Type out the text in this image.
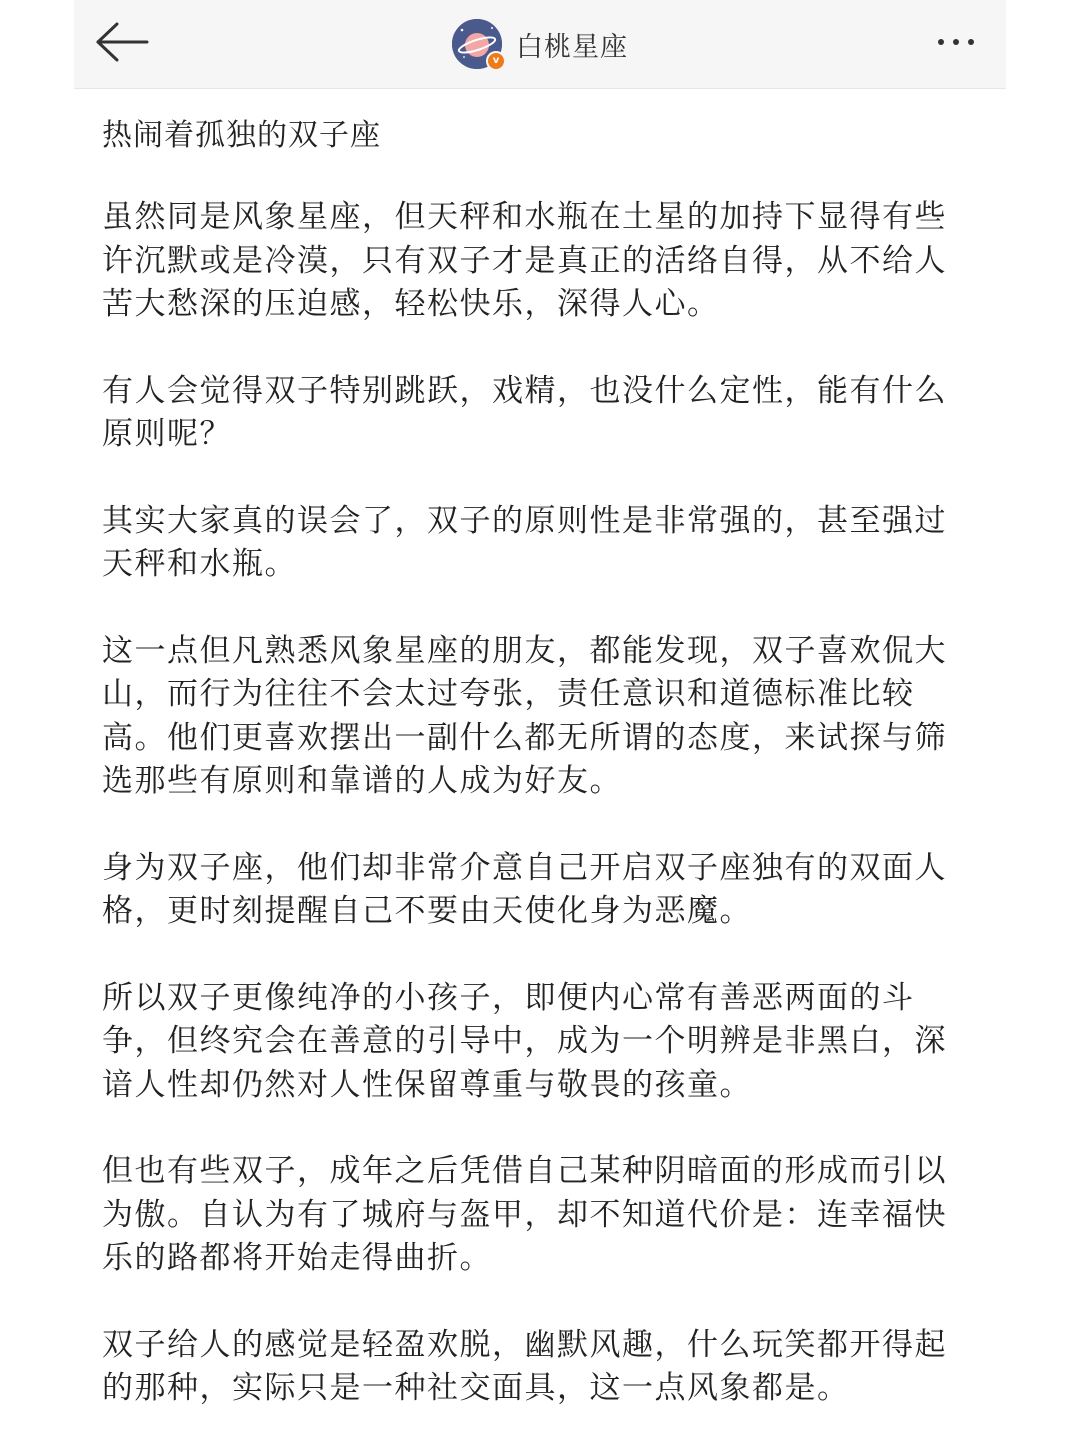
v 白桃星座
热闹着孤独的双子座

虽然同是风象星座，但天秤和水瓶在土星的加持下显得有些许沉默或是冷漠，只有双子才是真正的活络自得，从不给人苦大愁深的压迫感，轻松快乐，深得人心。

有人会觉得双子特别跳跃，戏精，也没什么定性，能有什么原则呢？

其实大家真的误会了，双子的原则性是非常强的，甚至强过天秤和水瓶。

这一点但凡熟悉风象星座的朋友，都能发现，双子喜欢侃大山，而行为往往不会太过夸张，责任意识和道德标准比较高。他们更喜欢摆出一副什么都无所谓的态度，来试探与筛选那些有原则和靠谱的人成为好友。

身为双子座，他们却非常介意自己开启双子座独有的双面人格，更时刻提醒自己不要由天使化身为恶魔。

所以双子更像纯净的小孩子，即便内心常有善恶两面的斗争，但终究会在善意的引导中，成为一个明辨是非黑白，深谙人性却仍然对人性保留尊重与敬畏的孩童。

但也有些双子，成年之后凭借自己某种阴暗面的形成而引以为傲。自认为有了城府与盔甲，却不知道代价是：连幸福快乐的路都将开始走得曲折。

双子给人的感觉是轻盈欢脱，幽默风趣，什么玩笑都开得起的那种，实际只是一种社交面具，这一点风象都是。
